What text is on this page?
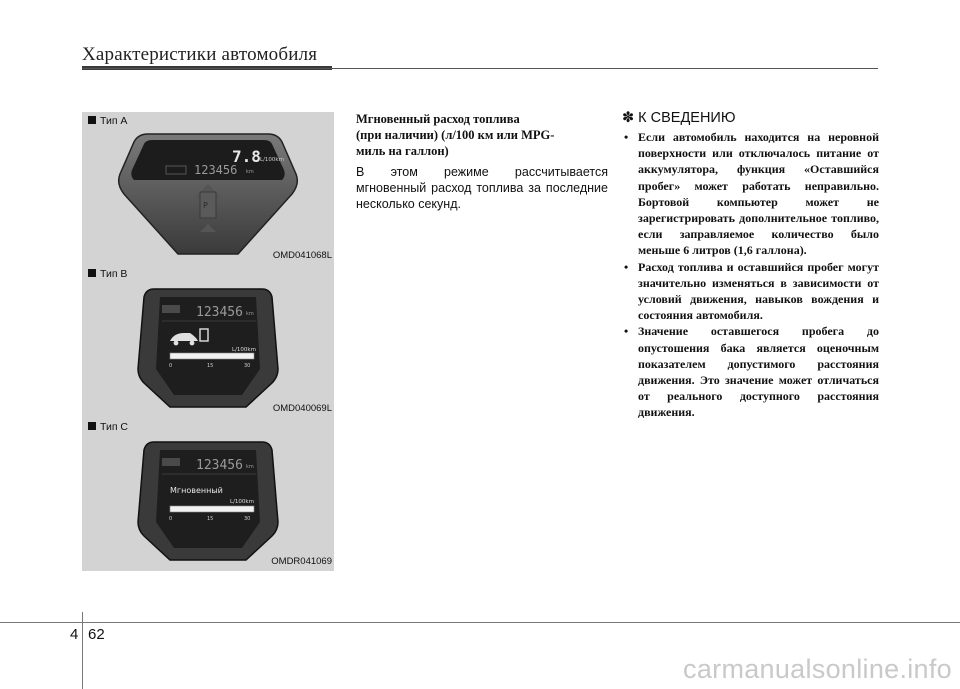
Характеристики автомобиля
7.8 L/100km
123456 km
P
Тип A
OMD041068L
123456 km
L/100km
0	15	30
Тип B
OMD040069L
123456 km
Мгновенный
L/100km
0	15	30
Тип C
OMDR041069
Мгновенный расход топлива
(при наличии) (л/100 км или MPG-
миль на галлон)
В этом режиме рассчитывается мгновенный расход топлива за последние несколько секунд.
✽ К СВЕДЕНИЮ
• Если автомобиль находится на неровной поверхности или отключалось питание от аккумулятора, функция «Оставшийся пробег» может работать неправильно. Бортовой компьютер может не зарегистрировать дополнительное топливо, если заправляемое количество было меньше 6 литров (1,6 галлона).
• Расход топлива и оставшийся пробег могут значительно изменяться в зависимости от условий движения, навыков вождения и состояния автомобиля.
• Значение оставшегося пробега до опустошения бака является оценочным показателем допустимого расстояния движения. Это значение может отличаться от реального доступного расстояния движения.
4 62
carmanualsonline.info
